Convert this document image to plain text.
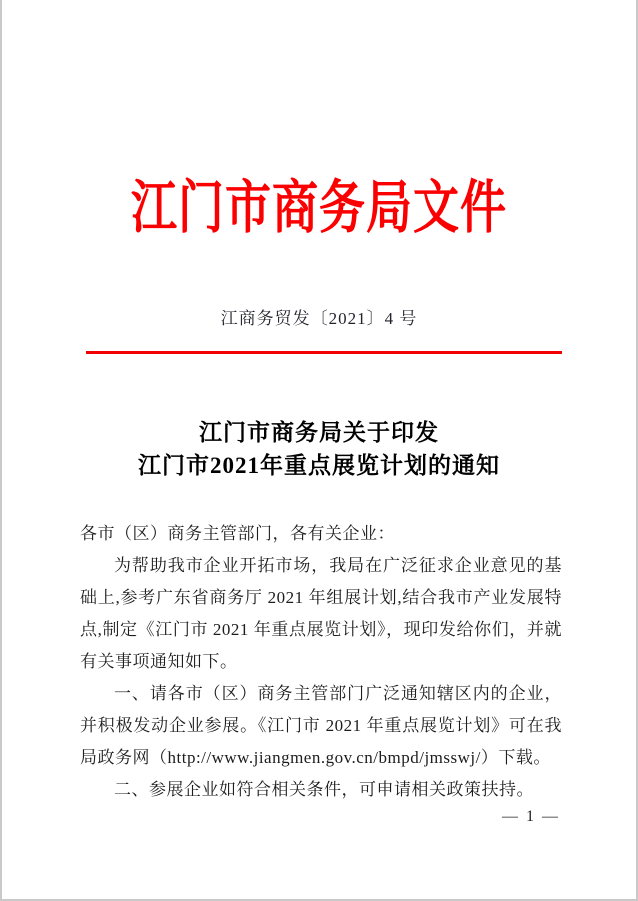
江门市商务局文件
江商务贸发〔2021〕4 号
江门市商务局关于印发
江门市2021年重点展览计划的通知

各市（区）商务主管部门，各有关企业：

为帮助我市企业开拓市场，我局在广泛征求企业意见的基础上,参考广东省商务厅 2021 年组展计划,结合我市产业发展特点,制定《江门市 2021 年重点展览计划》，现印发给你们，并就有关事项通知如下。

一、请各市（区）商务主管部门广泛通知辖区内的企业，并积极发动企业参展。《江门市 2021 年重点展览计划》可在我局政务网（http://www.jiangmen.gov.cn/bmpd/jmsswj/）下载。

二、参展企业如符合相关条件，可申请相关政策扶持。

— 1 —
